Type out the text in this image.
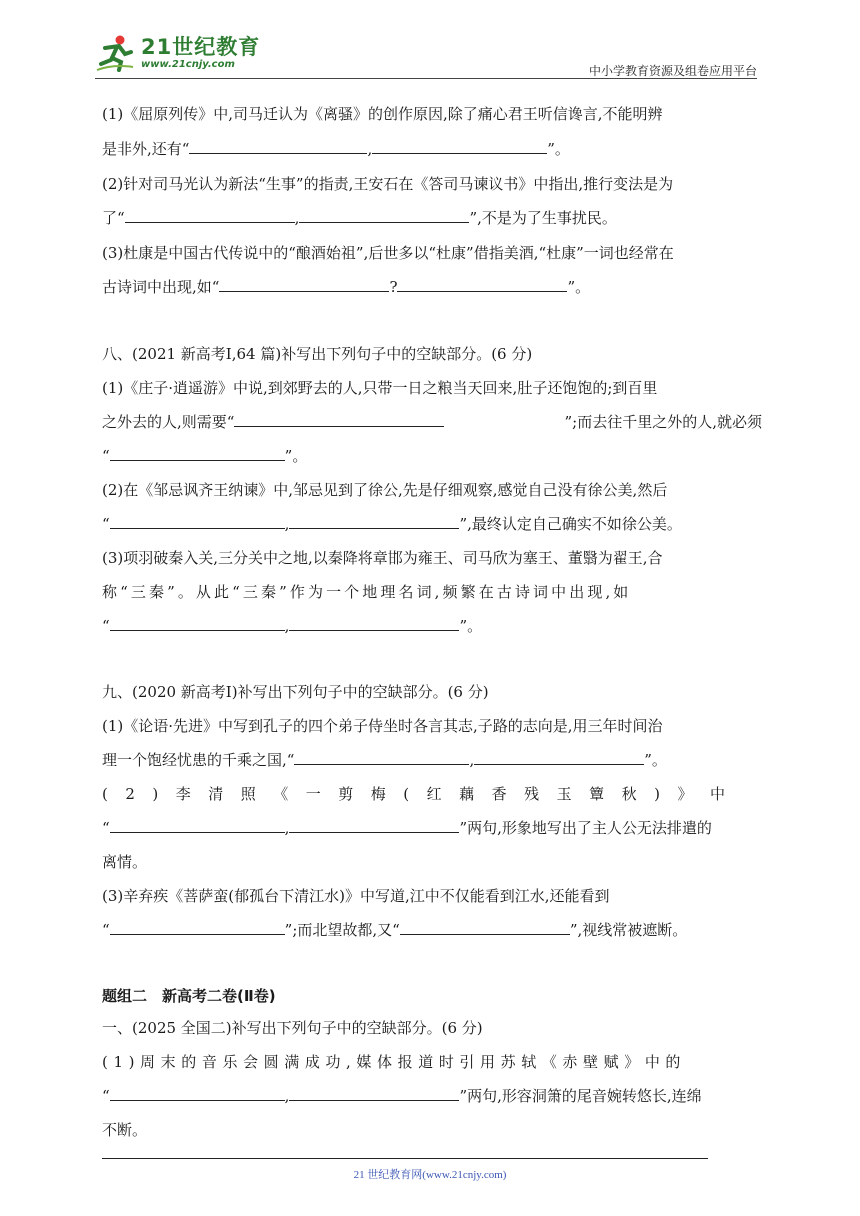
21世纪教育
www.21cnjy.com	中小学教育资源及组卷应用平台
(1)《屈原列传》中,司马迁认为《离骚》的创作原因,除了痛心君王听信谗言,不能明辨
是非外,还有“	,	”。
(2)针对司马光认为新法“生事”的指责,王安石在《答司马谏议书》中指出,推行变法是为
了“	,	”,不是为了生事扰民。
(3)杜康是中国古代传说中的“酿酒始祖”,后世多以“杜康”借指美酒,“杜康”一词也经常在
古诗词中出现,如“	?	”。
八、(2021 新高考Ⅰ,64 篇)补写出下列句子中的空缺部分。(6 分)
(1)《庄子·逍遥游》中说,到郊野去的人,只带一日之粮当天回来,肚子还饱饱的;到百里
之外去的人,则需要“	”;而去往千里之外的人,就必须
“	”。
(2)在《邹忌讽齐王纳谏》中,邹忌见到了徐公,先是仔细观察,感觉自己没有徐公美,然后
“	,	”,最终认定自己确实不如徐公美。
(3)项羽破秦入关,三分关中之地,以秦降将章邯为雍王、司马欣为塞王、董翳为翟王,合
称“三秦”。从此“三秦”作为一个地理名词,频繁在古诗词中出现,如
“	,	”。
九、(2020 新高考Ⅰ)补写出下列句子中的空缺部分。(6 分)
(1)《论语·先进》中写到孔子的四个弟子侍坐时各言其志,子路的志向是,用三年时间治
理一个饱经忧患的千乘之国,“	,	”。
(2)李清照《一剪梅(红藕香残玉簟秋)》中
“	,	”两句,形象地写出了主人公无法排遣的
离情。
(3)辛弃疾《菩萨蛮(郁孤台下清江水)》中写道,江中不仅能看到江水,还能看到
“	”;而北望故都,又“	”,视线常被遮断。
题组二　新高考二卷(Ⅱ卷)
一、(2025 全国二)补写出下列句子中的空缺部分。(6 分)
(1)周末的音乐会圆满成功,媒体报道时引用苏轼《赤壁赋》中的
“	,	”两句,形容洞箫的尾音婉转悠长,连绵
不断。
21 世纪教育网(www.21cnjy.com)
